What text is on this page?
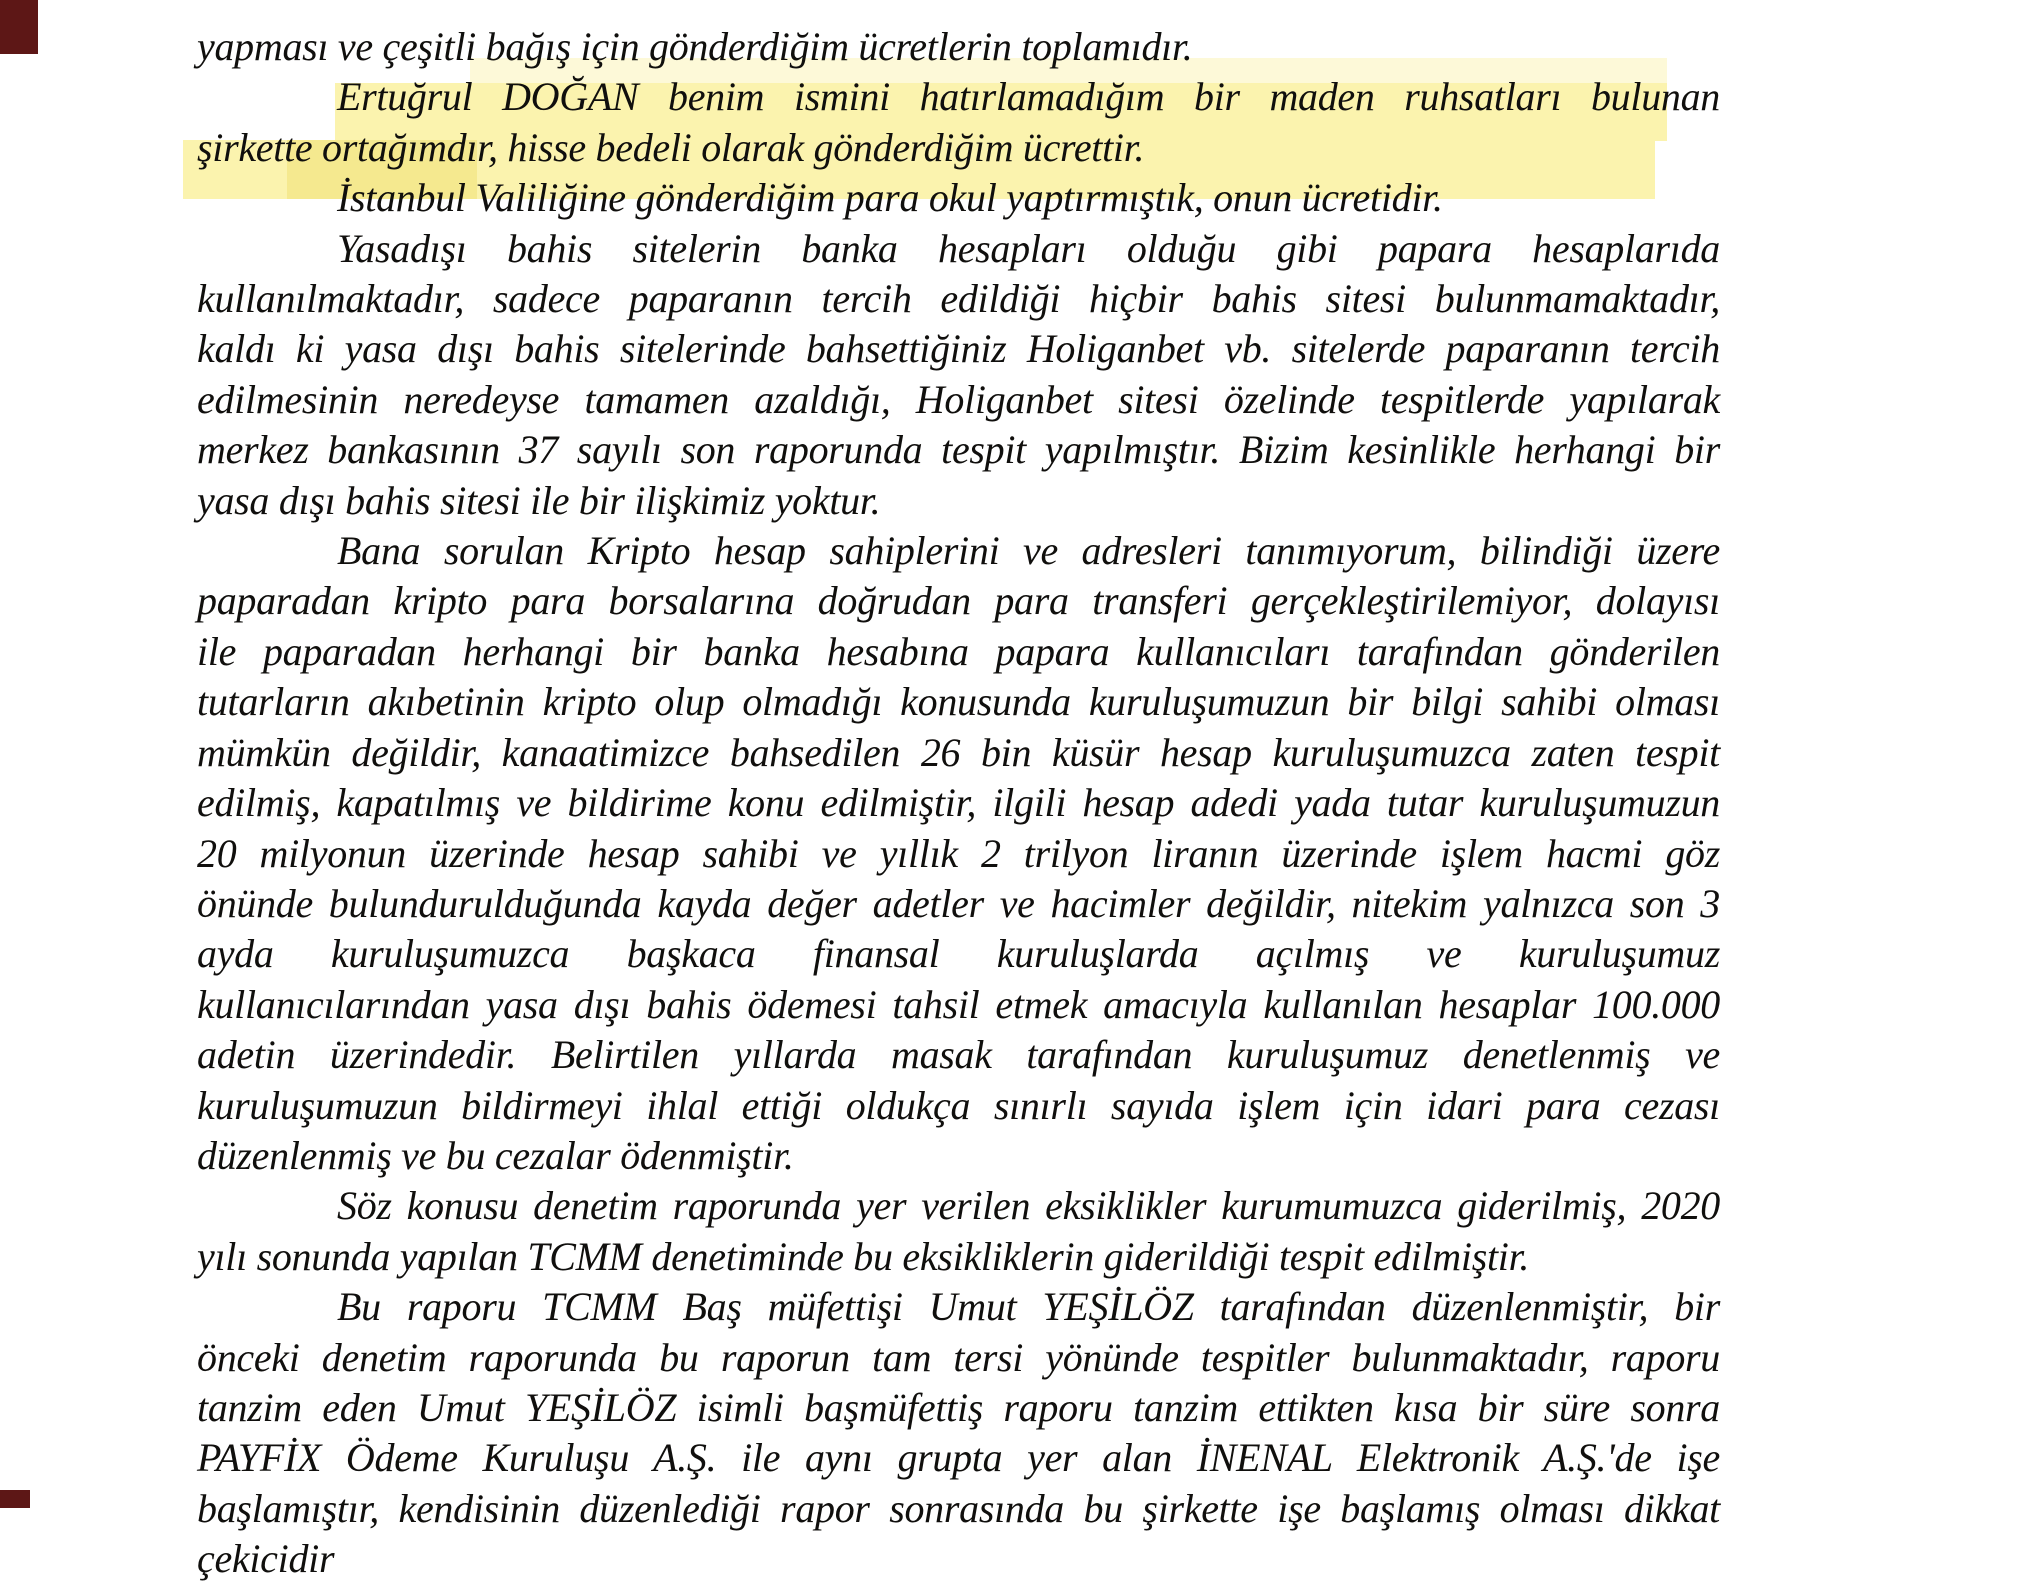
yapması ve çeşitli bağış için gönderdiğim ücretlerin toplamıdır.
Ertuğrul DOĞAN benim ismini hatırlamadığım bir maden ruhsatları bulunan
şirkette ortağımdır, hisse bedeli olarak gönderdiğim ücrettir.
İstanbul Valiliğine gönderdiğim para okul yaptırmıştık, onun ücretidir.
Yasadışı bahis sitelerin banka hesapları olduğu gibi papara hesaplarıda
kullanılmaktadır, sadece paparanın tercih edildiği hiçbir bahis sitesi bulunmamaktadır,
kaldı ki yasa dışı bahis sitelerinde bahsettiğiniz Holiganbet vb. sitelerde paparanın tercih
edilmesinin neredeyse tamamen azaldığı, Holiganbet sitesi özelinde tespitlerde yapılarak
merkez bankasının 37 sayılı son raporunda tespit yapılmıştır. Bizim kesinlikle herhangi bir
yasa dışı bahis sitesi ile bir ilişkimiz yoktur.
Bana sorulan Kripto hesap sahiplerini ve adresleri tanımıyorum, bilindiği üzere
paparadan kripto para borsalarına doğrudan para transferi gerçekleştirilemiyor, dolayısı
ile paparadan herhangi bir banka hesabına papara kullanıcıları tarafından gönderilen
tutarların akıbetinin kripto olup olmadığı konusunda kuruluşumuzun bir bilgi sahibi olması
mümkün değildir, kanaatimizce bahsedilen 26 bin küsür hesap kuruluşumuzca zaten tespit
edilmiş, kapatılmış ve bildirime konu edilmiştir, ilgili hesap adedi yada tutar kuruluşumuzun
20 milyonun üzerinde hesap sahibi ve yıllık 2 trilyon liranın üzerinde işlem hacmi göz
önünde bulundurulduğunda kayda değer adetler ve hacimler değildir, nitekim yalnızca son 3
ayda kuruluşumuzca başkaca finansal kuruluşlarda açılmış ve kuruluşumuz
kullanıcılarından yasa dışı bahis ödemesi tahsil etmek amacıyla kullanılan hesaplar 100.000
adetin üzerindedir. Belirtilen yıllarda masak tarafından kuruluşumuz denetlenmiş ve
kuruluşumuzun bildirmeyi ihlal ettiği oldukça sınırlı sayıda işlem için idari para cezası
düzenlenmiş ve bu cezalar ödenmiştir.
Söz konusu denetim raporunda yer verilen eksiklikler kurumumuzca giderilmiş, 2020
yılı sonunda yapılan TCMM denetiminde bu eksikliklerin giderildiği tespit edilmiştir.
Bu raporu TCMM Baş müfettişi Umut YEŞİLÖZ tarafından düzenlenmiştir, bir
önceki denetim raporunda bu raporun tam tersi yönünde tespitler bulunmaktadır, raporu
tanzim eden Umut YEŞİLÖZ isimli başmüfettiş raporu tanzim ettikten kısa bir süre sonra
PAYFİX Ödeme Kuruluşu A.Ş. ile aynı grupta yer alan İNENAL Elektronik A.Ş.'de işe
başlamıştır, kendisinin düzenlediği rapor sonrasında bu şirkette işe başlamış olması dikkat çekicidir
